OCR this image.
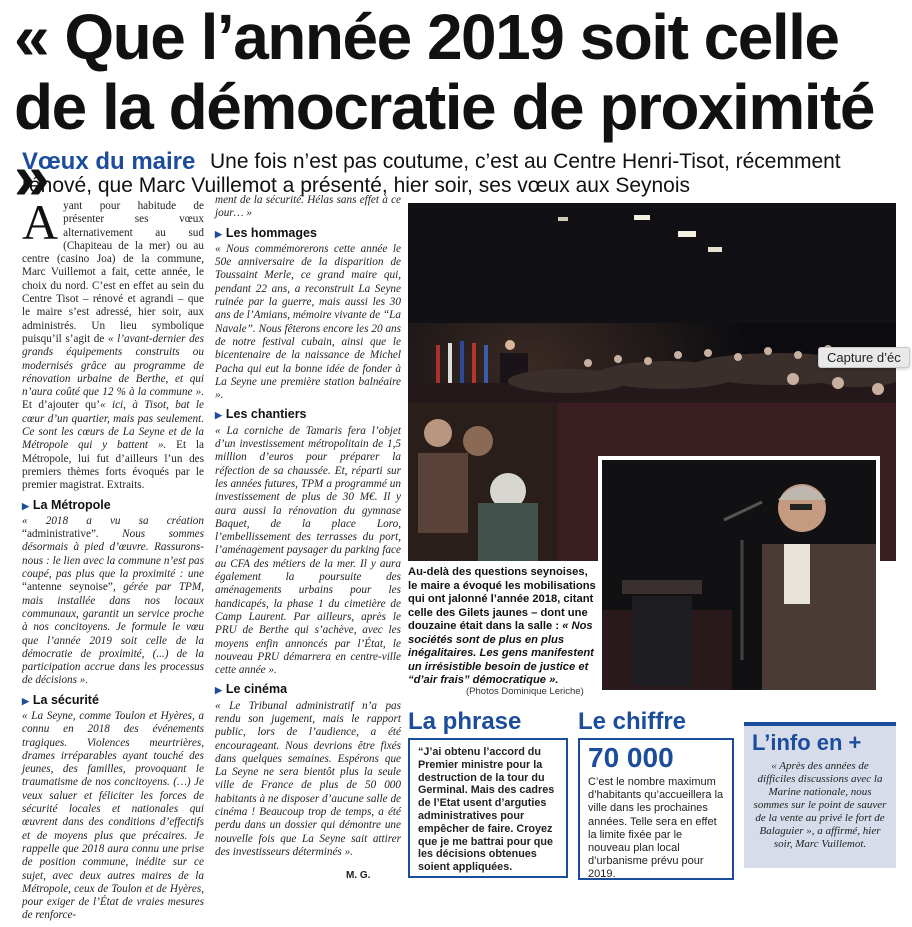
« Que l’année 2019 soit celle de la démocratie de proximité »
Vœux du maire Une fois n’est pas coutume, c’est au Centre Henri-Tisot, récemment rénové, que Marc Vuillemot a présenté, hier soir, ses vœux aux Seynois

Ayant pour habitude de présenter ses vœux alternativement au sud (Chapiteau de la mer) ou au centre (casino Joa) de la commune, Marc Vuillemot a fait, cette année, le choix du nord. C’est en effet au sein du Centre Tisot – rénové et agrandi – que le maire s’est adressé, hier soir, aux administrés. Un lieu symbolique puisqu’il s’agit de « l’avant-dernier des grands équipements construits ou modernisés grâce au programme de rénovation urbaine de Berthe, et qui n’aura coûté que 12 % à la commune ». Et d’ajouter qu’« ici, à Tisot, bat le cœur d’un quartier, mais pas seulement. Ce sont les cœurs de La Seyne et de la Métropole qui y battent ». Et la Métropole, lui fut d’ailleurs l’un des premiers thèmes forts évoqués par le premier magistrat. Extraits.

▶ La Métropole

« 2018 a vu sa création “administrative”. Nous sommes désormais à pied d’œuvre. Rassurons-nous : le lien avec la commune n’est pas coupé, pas plus que la proximité : une “antenne seynoise”, gérée par TPM, mais installée dans nos locaux communaux, garantit un service proche à nos concitoyens. Je formule le vœu que l’année 2019 soit celle de la démocratie de proximité, (...) de la participation accrue dans les processus de décisions ».

▶ La sécurité

« La Seyne, comme Toulon et Hyères, a connu en 2018 des événements tragiques. Violences meurtrières, drames irréparables ayant touché des jeunes, des familles, provoquant le traumatisme de nos concitoyens. (…) Je veux saluer et féliciter les forces de sécurité locales et nationales qui œuvrent dans des conditions d’effectifs et de moyens plus que précaires. Je rappelle que 2018 aura connu une prise de position commune, inédite sur ce sujet, avec deux autres maires de la Métropole, ceux de Toulon et de Hyères, pour exiger de l’État de vraies mesures de renforce-

ment de la sécurité. Hélas sans effet à ce jour… »

▶ Les hommages

« Nous commémorerons cette année le 50e anniversaire de la disparition de Toussaint Merle, ce grand maire qui, pendant 22 ans, a reconstruit La Seyne ruinée par la guerre, mais aussi les 30 ans de l’Amians, mémoire vivante de “La Navale”. Nous fêterons encore les 20 ans de notre festival cubain, ainsi que le bicentenaire de la naissance de Michel Pacha qui eut la bonne idée de fonder à La Seyne une première station balnéaire ».

▶ Les chantiers

« La corniche de Tamaris fera l’objet d’un investissement métropolitain de 1,5 million d’euros pour préparer la réfection de sa chaussée. Et, réparti sur les années futures, TPM a programmé un investissement de plus de 30 M€. Il y aura aussi la rénovation du gymnase Baquet, de la place Loro, l’embellissement des terrasses du port, l’aménagement paysager du parking face au CFA des métiers de la mer. Il y aura également la poursuite des aménagements urbains pour les handicapés, la phase 1 du cimetière de Camp Laurent. Par ailleurs, après le PRU de Berthe qui s’achève, avec les moyens enfin annoncés par l’État, le nouveau PRU démarrera en centre-ville cette année ».

▶ Le cinéma

« Le Tribunal administratif n’a pas rendu son jugement, mais le rapport public, lors de l’audience, a été encourageant. Nous devrions être fixés dans quelques semaines. Espérons que La Seyne ne sera bientôt plus la seule ville de France de plus de 50 000 habitants à ne disposer d’aucune salle de cinéma ! Beaucoup trop de temps, a été perdu dans un dossier qui démontre une nouvelle fois que La Seyne sait attirer des investisseurs déterminés ».

M. G.
Au-delà des questions seynoises, le maire a évoqué les mobilisations qui ont jalonné l’année 2018, citant celle des Gilets jaunes – dont une douzaine était dans la salle : « Nos sociétés sont de plus en plus inégalitaires. Les gens manifestent un irrésistible besoin de justice et “d’air frais” démocratique ».
(Photos Dominique Leriche)
Capture d’éc
La phrase
“J’ai obtenu l’accord du Premier ministre pour la destruction de la tour du Germinal. Mais des cadres de l’Etat usent d’arguties administratives pour empêcher de faire. Croyez que je me battrai pour que les décisions obtenues soient appliquées.
Le chiffre
70 000
C’est le nombre maximum d’habitants qu’accueillera la ville dans les prochaines années. Telle sera en effet la limite fixée par le nouveau plan local d’urbanisme prévu pour 2019.
L’info en +
« Après des années de difficiles discussions avec la Marine nationale, nous sommes sur le point de sauver de la vente au privé le fort de Balaguier », a affirmé, hier soir, Marc Vuillemot.
